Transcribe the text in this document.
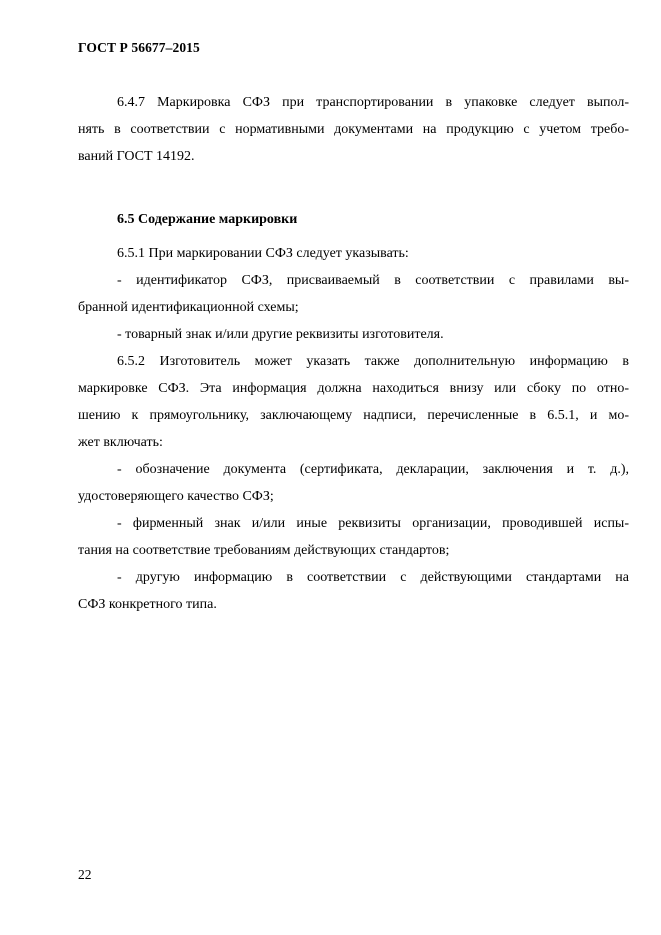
ГОСТ Р 56677–2015
6.4.7 Маркировка СФЗ при транспортировании в упаковке следует выпол-
нять в соответствии с нормативными документами на продукцию с учетом требо-
ваний ГОСТ 14192.
6.5 Содержание маркировки
6.5.1 При маркировании СФЗ следует указывать:
- идентификатор СФЗ, присваиваемый в соответствии с правилами вы-
бранной идентификационной схемы;
- товарный знак и/или другие реквизиты изготовителя.
6.5.2 Изготовитель может указать также дополнительную информацию в
маркировке СФЗ. Эта информация должна находиться внизу или сбоку по отно-
шению к прямоугольнику, заключающему надписи, перечисленные в 6.5.1, и мо-
жет включать:
- обозначение документа (сертификата, декларации, заключения и т. д.),
удостоверяющего качество СФЗ;
- фирменный знак и/или иные реквизиты организации, проводившей испы-
тания на соответствие требованиям действующих стандартов;
- другую информацию в соответствии с действующими стандартами на
СФЗ конкретного типа.
22
